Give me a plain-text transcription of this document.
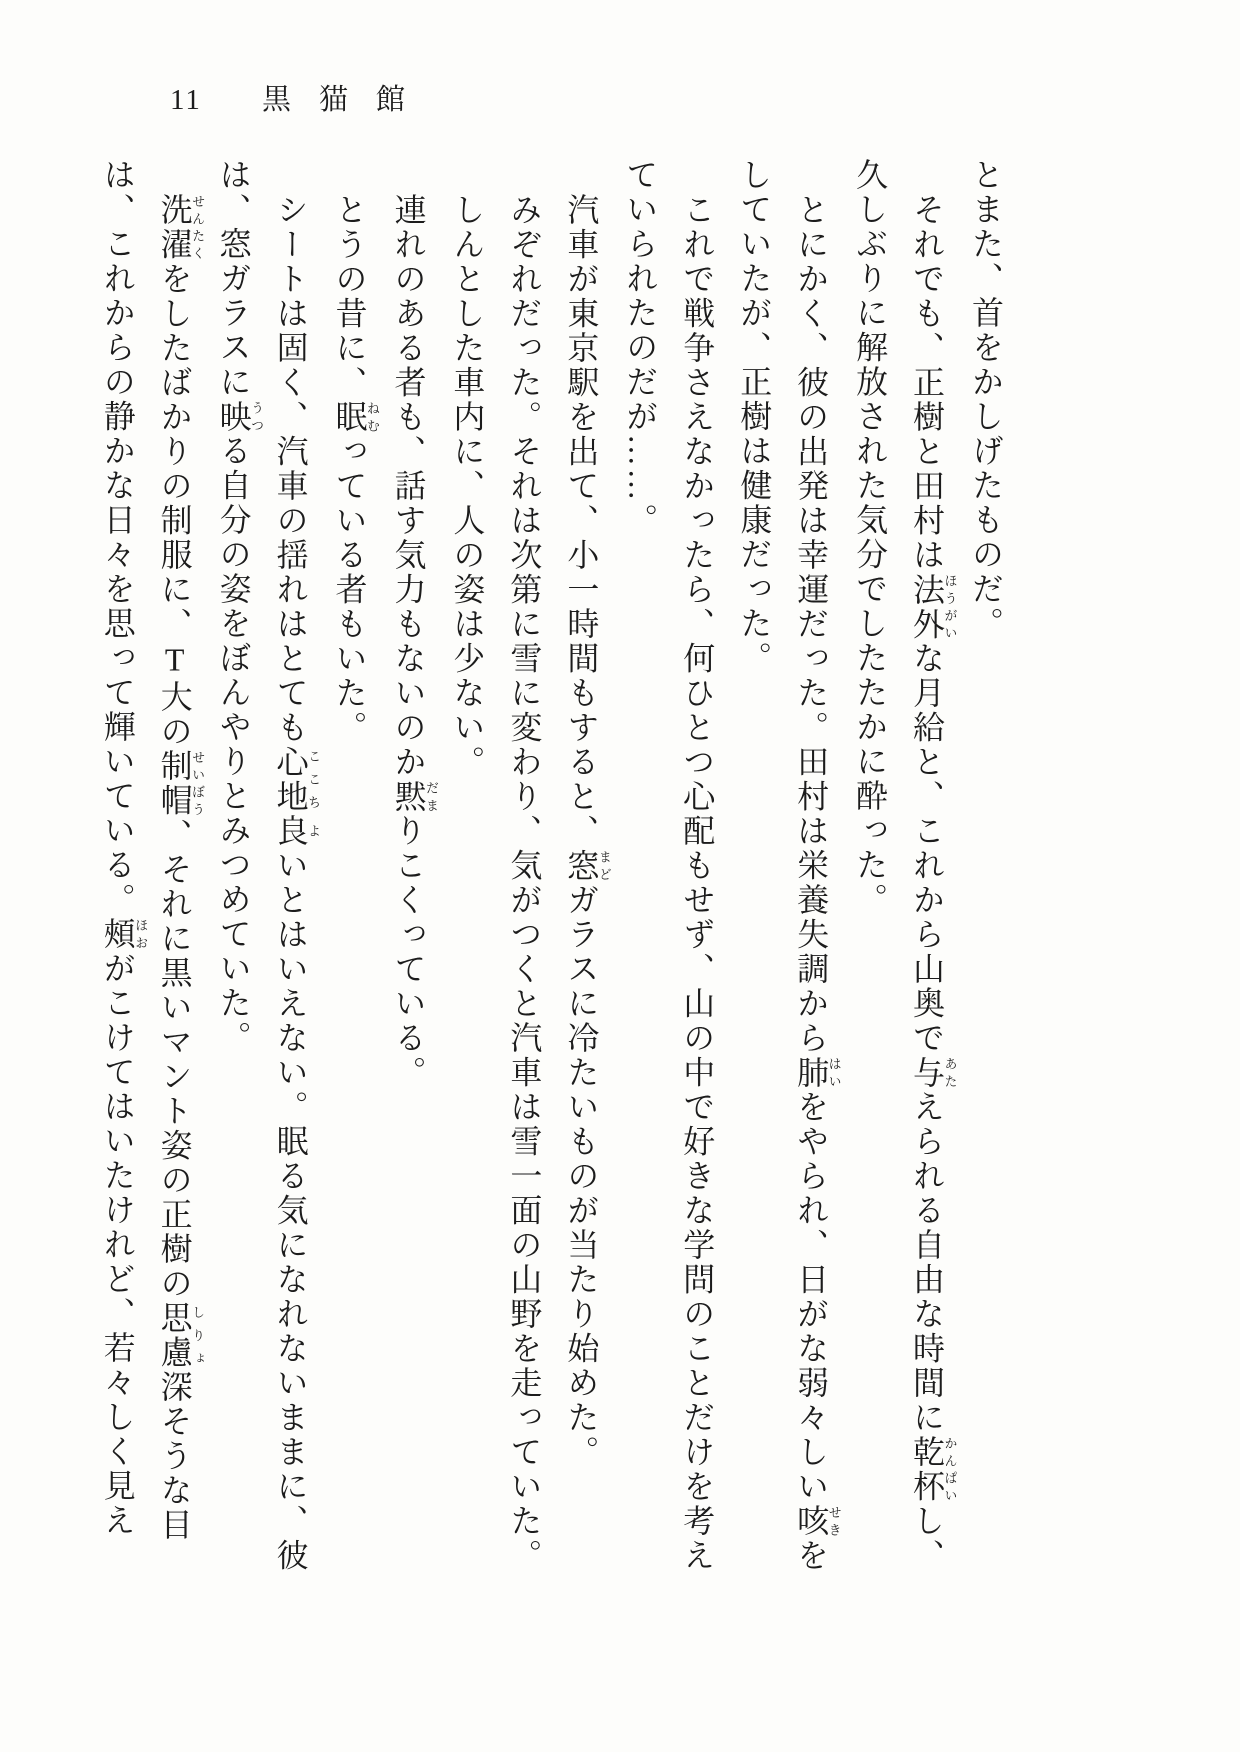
11 黒猫館

とまた、首をかしげたものだ。

それでも、正樹と田村は法外ほうがいな月給と、これから山奥で与あたえられる自由な時間に乾杯かんぱいし、久しぶりに解放された気分でしたたかに酔った。

とにかく、彼の出発は幸運だった。田村は栄養失調から肺はいをやられ、日がな弱々しい咳せきをしていたが、正樹は健康だった。

これで戦争さえなかったら、何ひとつ心配もせず、山の中で好きな学問のことだけを考えていられたのだが……。

汽車が東京駅を出て、小一時間もすると、窓まどガラスに冷たいものが当たり始めた。

みぞれだった。それは次第に雪に変わり、気がつくと汽車は雪一面の山野を走っていた。

しんとした車内に、人の姿は少ない。

連れのある者も、話す気力もないのか黙だまりこくっている。

とうの昔に、眠ねむっている者もいた。

シートは固く、汽車の揺れはとても心地ここち良よいとはいえない。眠る気になれないままに、彼は、窓ガラスに映うつる自分の姿をぼんやりとみつめていた。

洗濯せんたくをしたばかりの制服に、T大の制帽せいぼう、それに黒いマント姿の正樹の思慮しりょ深そうな目は、これからの静かな日々を思って輝いている。頰ほおがこけてはいたけれど、若々しく見え
